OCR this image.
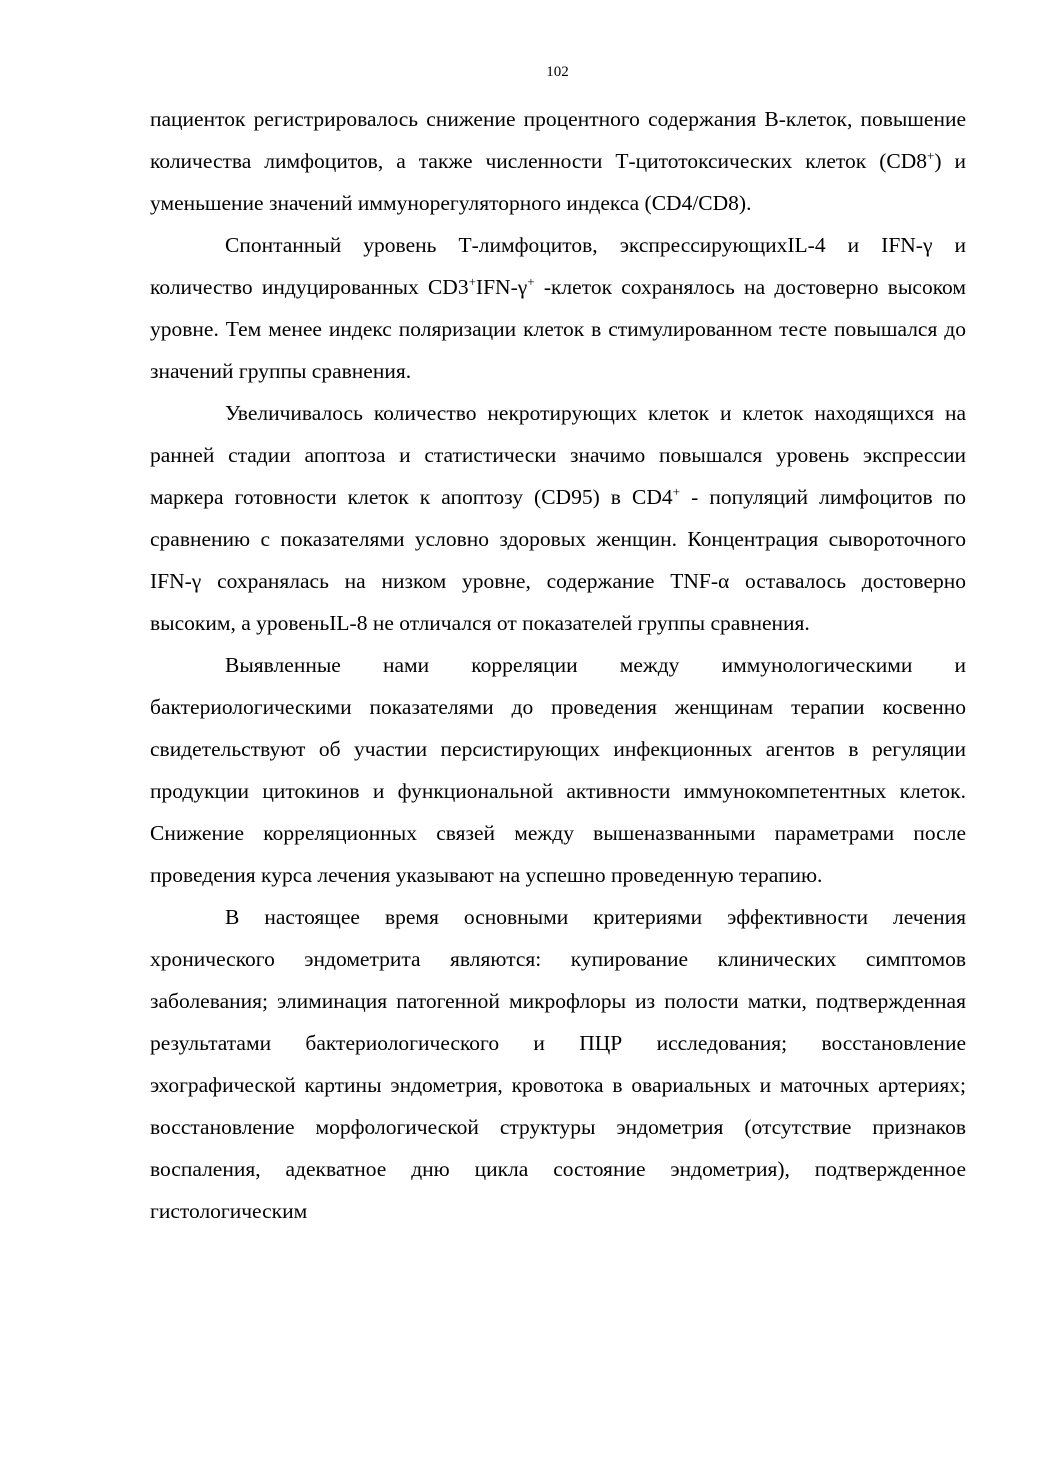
102

пациенток регистрировалось снижение процентного содержания В-клеток, повышение количества лимфоцитов, а также численности Т-цитотоксических клеток (CD8+) и уменьшение значений иммунорегуляторного индекса (CD4/CD8).

Спонтанный уровень Т-лимфоцитов, экспрессирующихIL-4 и IFN-γ и количество индуцированных CD3+IFN-γ+ -клеток сохранялось на достоверно высоком уровне. Тем менее индекс поляризации клеток в стимулированном тесте повышался до значений группы сравнения.

Увеличивалось количество некротирующих клеток и клеток находящихся на ранней стадии апоптоза и статистически значимо повышался уровень экспрессии маркера готовности клеток к апоптозу (CD95) в CD4+ - популяций лимфоцитов по сравнению с показателями условно здоровых женщин. Концентрация сывороточного IFN-γ сохранялась на низком уровне, содержание TNF-α оставалось достоверно высоким, а уровеньIL-8 не отличался от показателей группы сравнения.

Выявленные нами корреляции между иммунологическими и бактериологическими показателями до проведения женщинам терапии косвенно свидетельствуют об участии персистирующих инфекционных агентов в регуляции продукции цитокинов и функциональной активности иммунокомпетентных клеток. Снижение корреляционных связей между вышеназванными параметрами после проведения курса лечения указывают на успешно проведенную терапию.

В настоящее время основными критериями эффективности лечения хронического эндометрита являются: купирование клинических симптомов заболевания; элиминация патогенной микрофлоры из полости матки, подтвержденная результатами бактериологического и ПЦР исследования; восстановление эхографической картины эндометрия, кровотока в овариальных и маточных артериях; восстановление морфологической структуры эндометрия (отсутствие признаков воспаления, адекватное дню цикла состояние эндометрия), подтвержденное гистологическим
